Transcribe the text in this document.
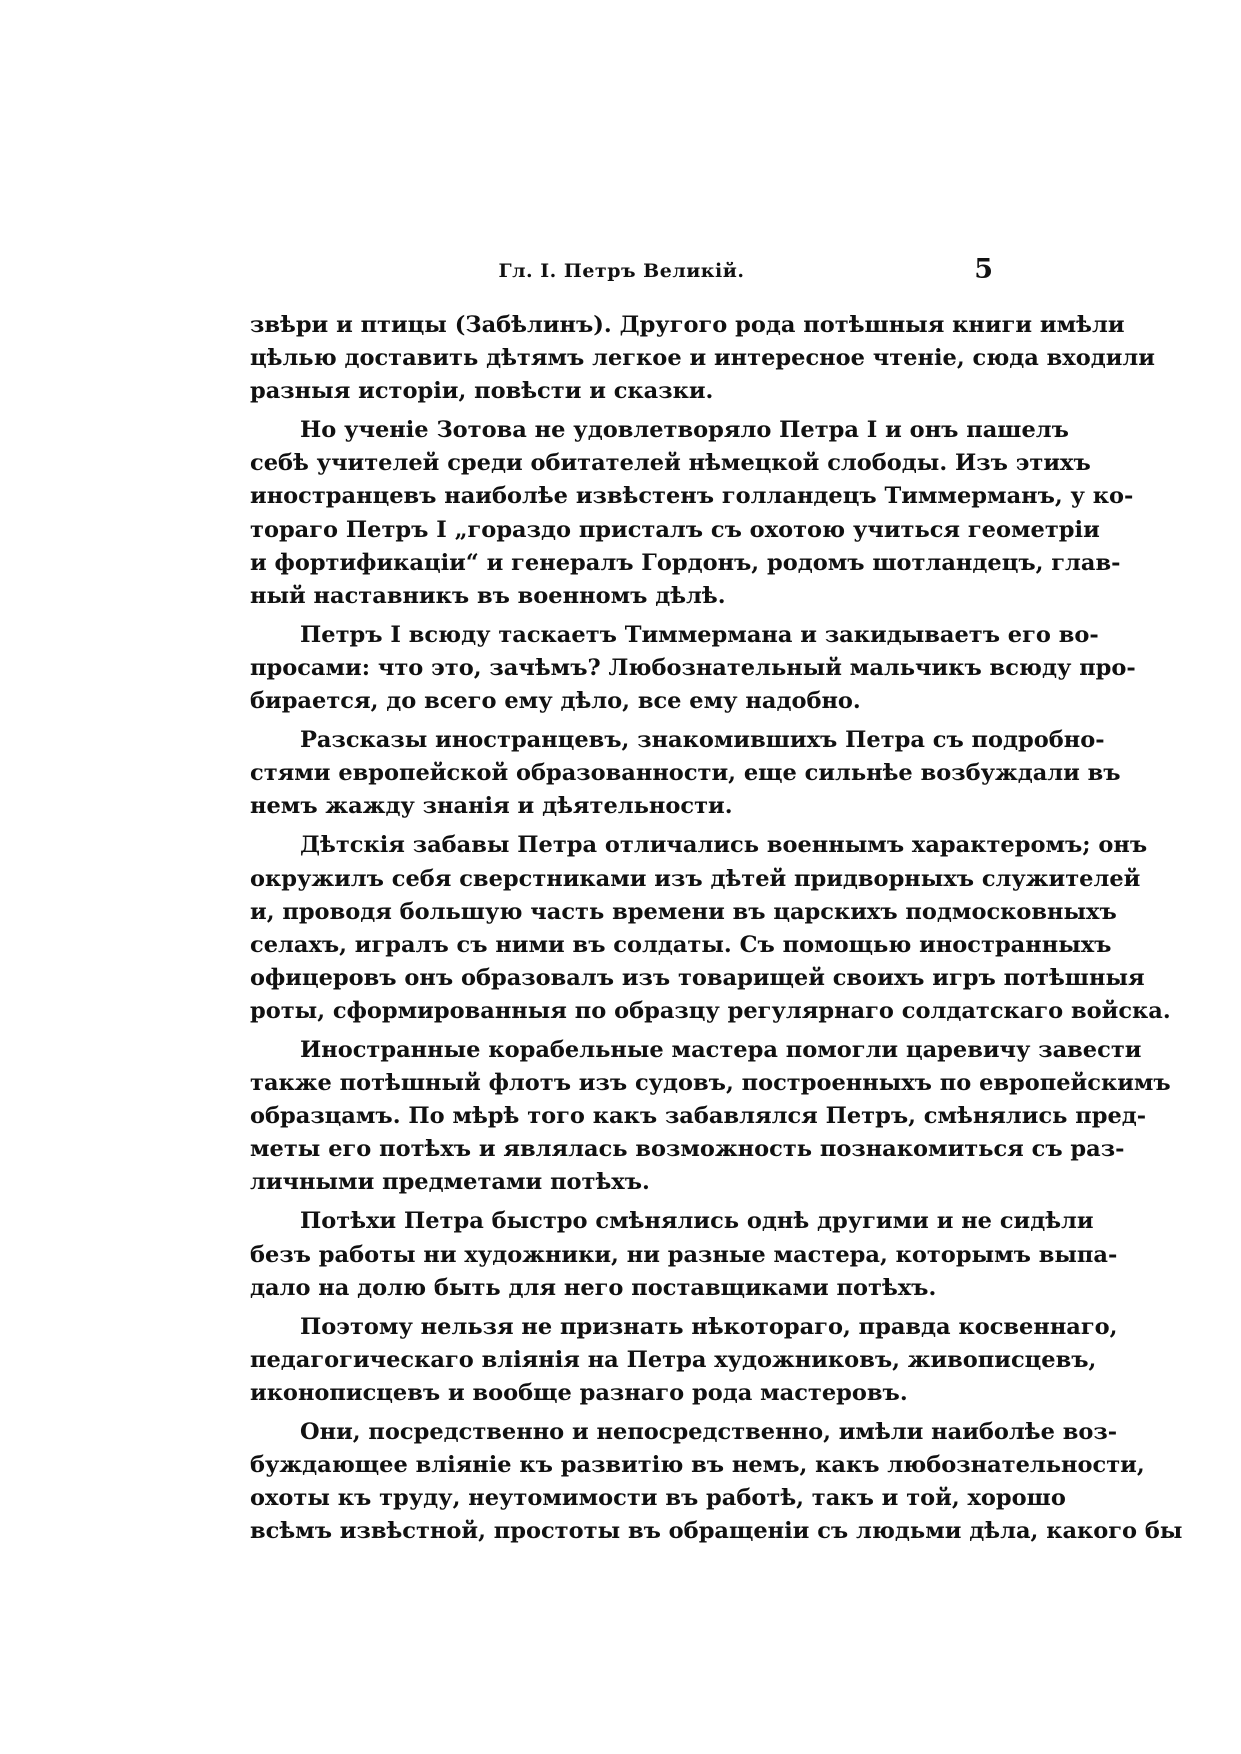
Гл. I. Петръ Великій.	5

звѣри и птицы (Забѣлинъ). Другого рода потѣшныя книги имѣли
цѣлью доставить дѣтямъ легкое и интересное чтеніе, сюда входили
разныя исторіи, повѣсти и сказки.

Но ученіе Зотова не удовлетворяло Петра I и онъ пашелъ
себѣ учителей среди обитателей нѣмецкой слободы. Изъ этихъ
иностранцевъ наиболѣе извѣстенъ голландецъ Тиммерманъ, у ко-
тораго Петръ I „гораздо присталъ съ охотою учиться геометріи
и фортификаціи“ и генералъ Гордонъ, родомъ шотландецъ, глав-
ный наставникъ въ военномъ дѣлѣ.

Петръ I всюду таскаетъ Тиммермана и закидываетъ его во-
просами: что это, зачѣмъ? Любознательный мальчикъ всюду про-
бирается, до всего ему дѣло, все ему надобно.

Разсказы иностранцевъ, знакомившихъ Петра съ подробно-
стями европейской образованности, еще сильнѣе возбуждали въ
немъ жажду знанія и дѣятельности.

Дѣтскія забавы Петра отличались военнымъ характеромъ; онъ
окружилъ себя сверстниками изъ дѣтей придворныхъ служителей
и, проводя большую часть времени въ царскихъ подмосковныхъ
селахъ, игралъ съ ними въ солдаты. Съ помощью иностранныхъ
офицеровъ онъ образовалъ изъ товарищей своихъ игръ потѣшныя
роты, сформированныя по образцу регулярнаго солдатскаго войска.

Иностранные корабельные мастера помогли царевичу завести
также потѣшный флотъ изъ судовъ, построенныхъ по европейскимъ
образцамъ. По мѣрѣ того какъ забавлялся Петръ, смѣнялись пред-
меты его потѣхъ и являлась возможность познакомиться съ раз-
личными предметами потѣхъ.

Потѣхи Петра быстро смѣнялись однѣ другими и не сидѣли
безъ работы ни художники, ни разные мастера, которымъ выпа-
дало на долю быть для него поставщиками потѣхъ.

Поэтому нельзя не признать нѣкотораго, правда косвеннаго,
педагогическаго вліянія на Петра художниковъ, живописцевъ,
иконописцевъ и вообще разнаго рода мастеровъ.

Они, посредственно и непосредственно, имѣли наиболѣе воз-
буждающее вліяніе къ развитію въ немъ, какъ любознательности,
охоты къ труду, неутомимости въ работѣ, такъ и той, хорошо
всѣмъ извѣстной, простоты въ обращеніи съ людьми дѣла, какого бы
